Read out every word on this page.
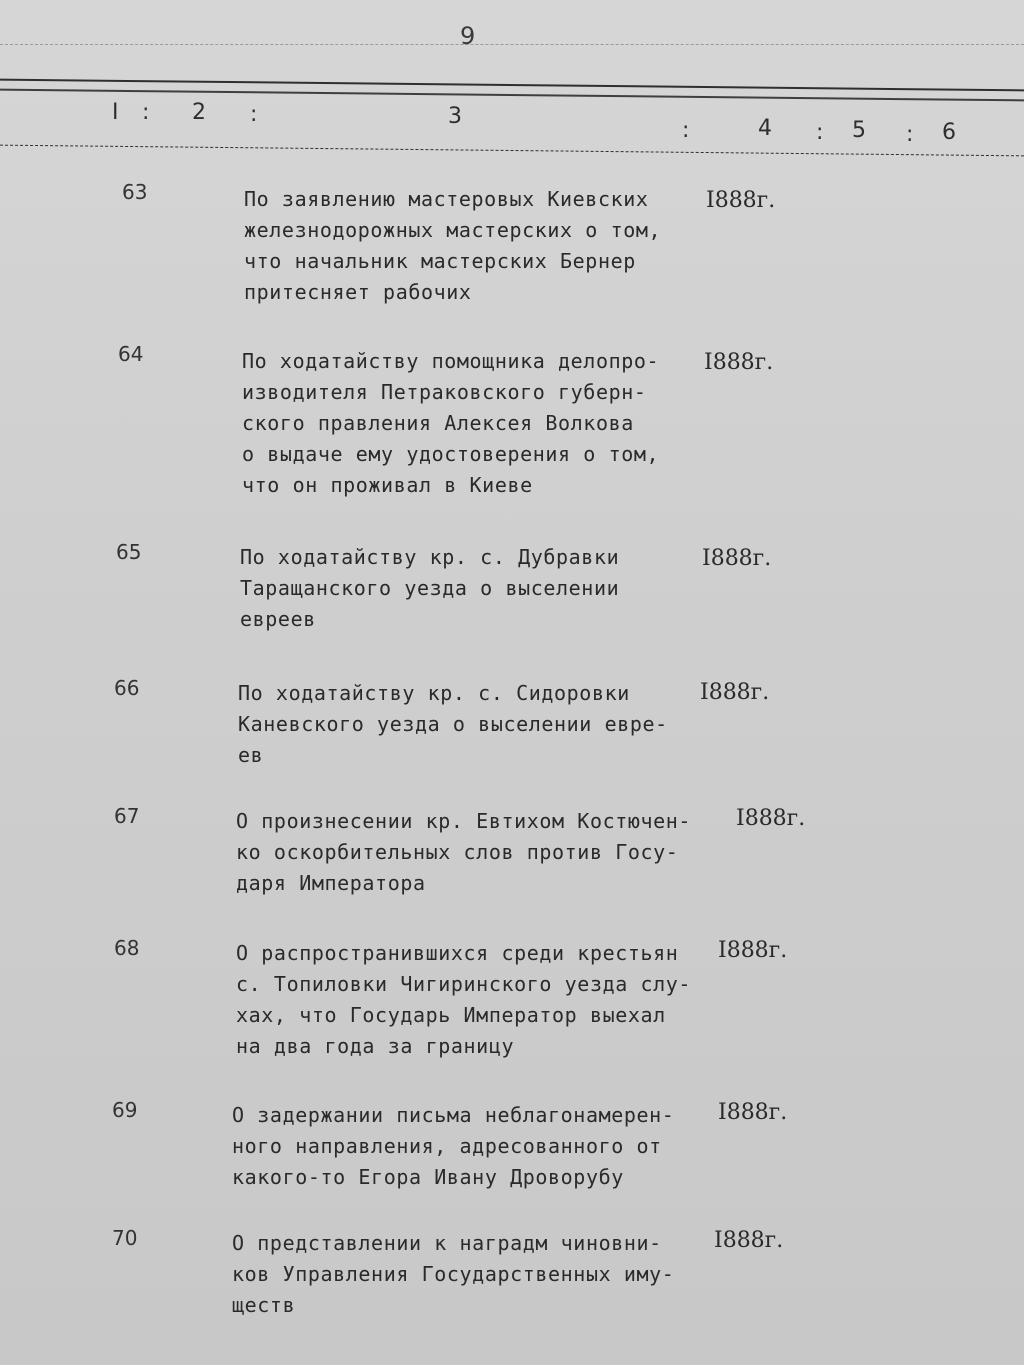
9
I : 2 :	3
:	4 : 5 : 6
63	По заявлению мастеровых Киевских
железнодорожных мастерских о том,
что начальник мастерских Бернер
притесняет рабочих
I888г.
64	По ходатайству помощника делопро-
изводителя Петраковского губерн-
ского правления Алексея Волкова
о выдаче ему удостоверения о том,
что он проживал в Киеве
I888г.
65	По ходатайству кр. с. Дубравки
Таращанского уезда о выселении
евреев
I888г.
66	По ходатайству кр. с. Сидоровки
Каневского уезда о выселении евре-
ев
I888г.
67	О произнесении кр. Евтихом Костючен-
ко оскорбительных слов против Госу-
даря Императора
I888г.
68	О распространившихся среди крестьян
с. Топиловки Чигиринского уезда слу-
хах, что Государь Император выехал
на два года за границу
I888г.
69	О задержании письма неблагонамерен-
ного направления, адресованного от
какого-то Егора Ивану Дроворубу
I888г.
70	О представлении к наградм чиновни-
ков Управления Государственных иму-
ществ
I888г.
